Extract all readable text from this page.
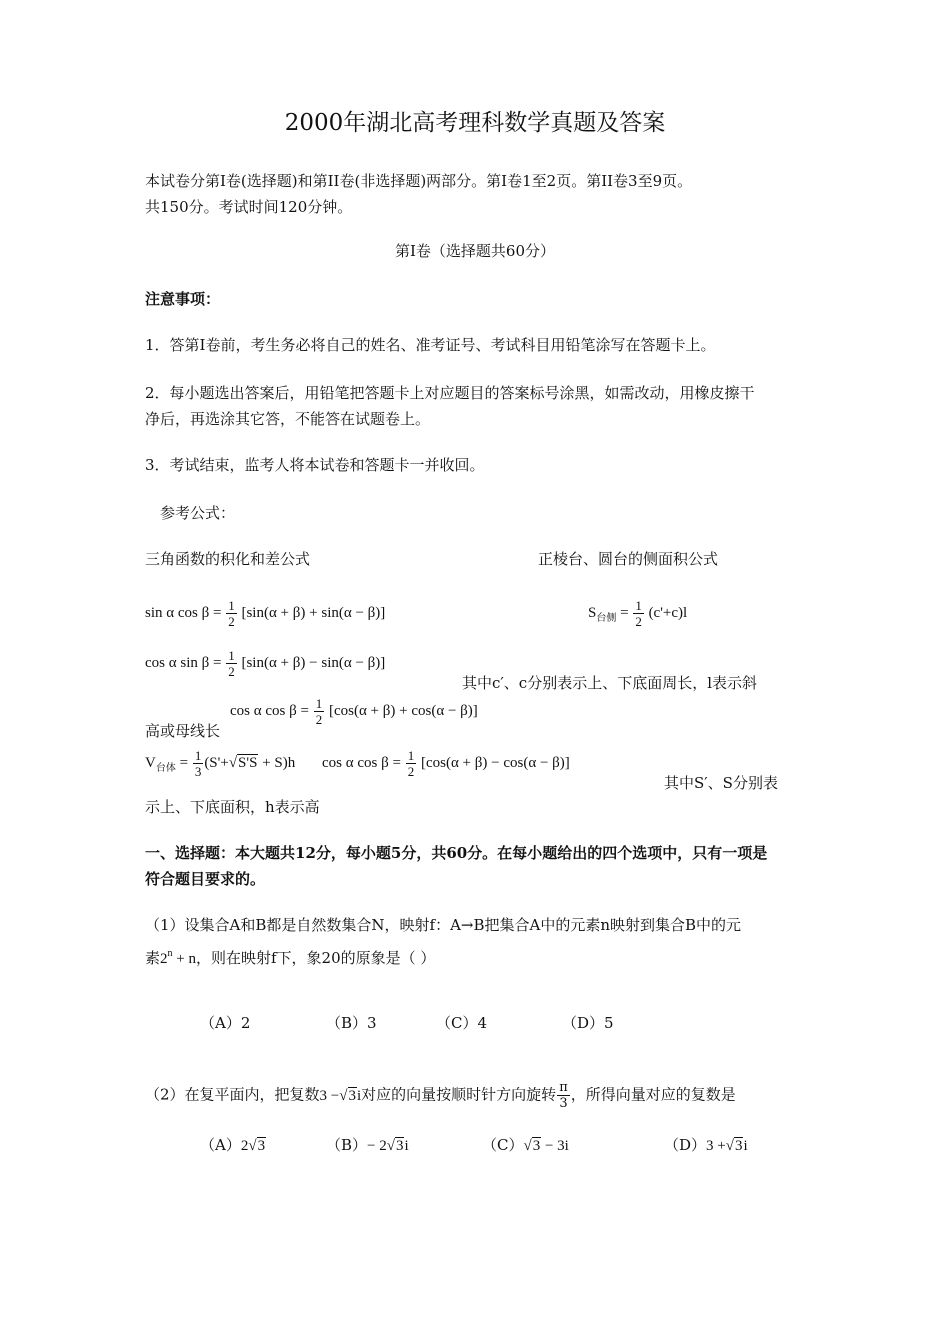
2000年湖北高考理科数学真题及答案
本试卷分第I卷(选择题)和第II卷(非选择题)两部分。第I卷1至2页。第II卷3至9页。
共150分。考试时间120分钟。
第I卷（选择题共60分）
注意事项：
1．答第I卷前，考生务必将自己的姓名、准考证号、考试科目用铅笔涂写在答题卡上。
2．每小题选出答案后，用铅笔把答题卡上对应题目的答案标号涂黑，如需改动，用橡皮擦干
净后，再选涂其它答，不能答在试题卷上。
3．考试结束，监考人将本试卷和答题卡一并收回。
参考公式：
三角函数的积化和差公式	正棱台、圆台的侧面积公式
sin α $\cos \beta = \frac{1}{2} [\sin(\alpha + \beta) + \sin(\alpha - \beta)]$	$S_{台侧} = \frac{1}{2} (c'+c)l$
cos α $\sin \beta = \frac{1}{2} [\sin(\alpha + \beta) - \sin(\alpha - \beta)]$
其中c′、c分别表示上、下底面周长，l表示斜
cos α $\cos \beta = \frac{1}{2} [\cos(\alpha + \beta) + \cos(\alpha - \beta)]$
高或母线长
$V_{台体} = \frac{1}{3} (S'+√S'S + S)h$ cos α $\cos \beta = \frac{1}{2} [\cos(\alpha + \beta) - \cos(\alpha - \beta)]$
其中S′、S分别表
示上、下底面积，h表示高
一、选择题：本大题共12分，每小题5分，共60分。在每小题给出的四个选项中，只有一项是
符合题目要求的。
（1）设集合A和B都是自然数集合N，映射f：A→B把集合A中的元素n映射到集合B中的元
素$2^n + n$，则在映射f下，象20的原象是（ ）
（A）2	（B）3	（C）4	（D）5
（2）在复平面内，把复数3 −√3i对应的向量按顺时针方向旋转 $\frac{\pi}{3}$ ，所得向量对应的复数是
（A）2√3	（B）− 2√3i	（C）√3 − 3i	（D）3 +√3i
